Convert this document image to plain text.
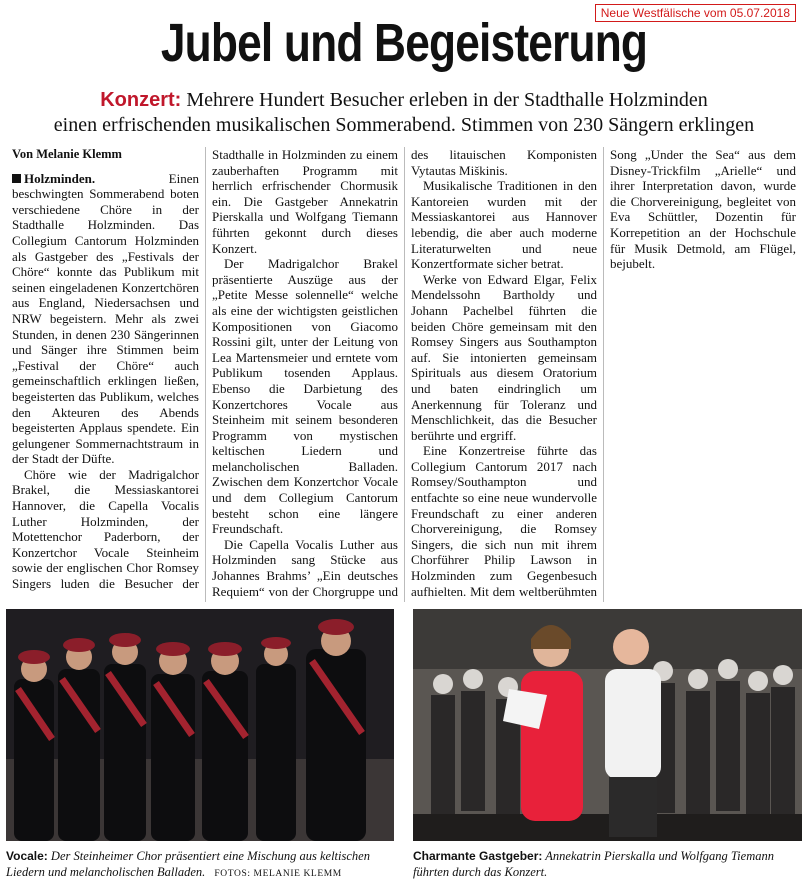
Neue Westfälische vom 05.07.2018
Jubel und Begeisterung
Konzert: Mehrere Hundert Besucher erleben in der Stadthalle Holzminden
einen erfrischenden musikalischen Sommerabend. Stimmen von 230 Sängern erklingen

Von Melanie Klemm

Holzminden.	Einen beschwingten Sommerabend boten verschiedene Chöre in der Stadthalle Holzminden. Das Collegium Cantorum Holzminden als Gastgeber des „Festivals der Chöre“ konnte das Publikum mit seinen eingeladenen Konzertchören aus England, Niedersachsen und NRW begeistern. Mehr als zwei Stunden, in denen 230 Sängerinnen und Sänger ihre Stimmen beim „Festival der Chöre“ auch gemeinschaftlich erklingen ließen, begeisterten das Publikum, welches den Akteuren des Abends begeisterten Applaus spendete. Ein gelungener Sommernachtstraum in der Stadt der Düfte.

Chöre wie der Madrigalchor Brakel, die Messiaskantorei Hannover, die Capella Vocalis Luther Holzminden, der Motettenchor Paderborn, der Konzertchor Vocale Steinheim sowie der englischen Chor Romsey Singers luden die Besucher der

Stadthalle in Holzminden zu einem zauberhaften Programm mit herrlich erfrischender Chormusik ein. Die Gastgeber Annekatrin Pierskalla und Wolfgang Tiemann führten gekonnt durch dieses Konzert.

Der Madrigalchor Brakel präsentierte Auszüge aus der „Petite Messe solennelle“ welche als eine der wichtigsten geistlichen Kompositionen von Giacomo Rossini gilt, unter der Leitung von Lea Martensmeier und erntete vom Publikum tosenden Applaus. Ebenso die Darbietung des Konzertchores Vocale aus Steinheim mit seinem besonderen Programm von mystischen keltischen Liedern und melancholischen Balladen. Zwischen dem Konzertchor Vocale und dem Collegium Cantorum besteht schon eine längere Freundschaft.

Die Capella Vocalis Luther aus Holzminden sang Stücke aus Johannes Brahms’ „Ein deutsches Requiem“ von der Chorgruppe und

des litauischen Komponisten Vytautas Miškinis.

Musikalische Traditionen in den Kantoreien wurden mit der Messiaskantorei aus Hannover lebendig, die aber auch moderne Literaturwelten und neue Konzertformate sicher betrat.

Werke von Edward Elgar, Felix Mendelssohn Bartholdy und Johann Pachelbel führten die beiden Chöre gemeinsam mit den Romsey Singers aus Southampton auf. Sie intonierten gemeinsam Spirituals aus diesem Oratorium und baten eindringlich um Anerkennung für Toleranz und Menschlichkeit, das die Besucher berührte und ergriff.

Eine Konzertreise führte das Collegium Cantorum 2017 nach Romsey/Southampton und entfachte so eine neue wundervolle Freundschaft zu einer anderen Chorvereinigung, die Romsey Singers, die sich nun mit ihrem Chorführer Philip Lawson in Holzminden zum Gegenbesuch aufhielten. Mit dem weltberühmten

Song „Under the Sea“ aus dem Disney-Trickfilm „Arielle“ und ihrer Interpretation davon, wurde die Chorvereinigung, begleitet von Eva Schüttler, Dozentin für Korrepetition an der Hochschule für Musik Detmold, am Flügel, bejubelt.

Vocale: Der Steinheimer Chor präsentiert eine Mischung aus keltischen Liedern und melancholischen Balladen. FOTOS: MELANIE KLEMM
Charmante Gastgeber: Annekatrin Pierskalla und Wolfgang Tiemann führten durch das Konzert.
